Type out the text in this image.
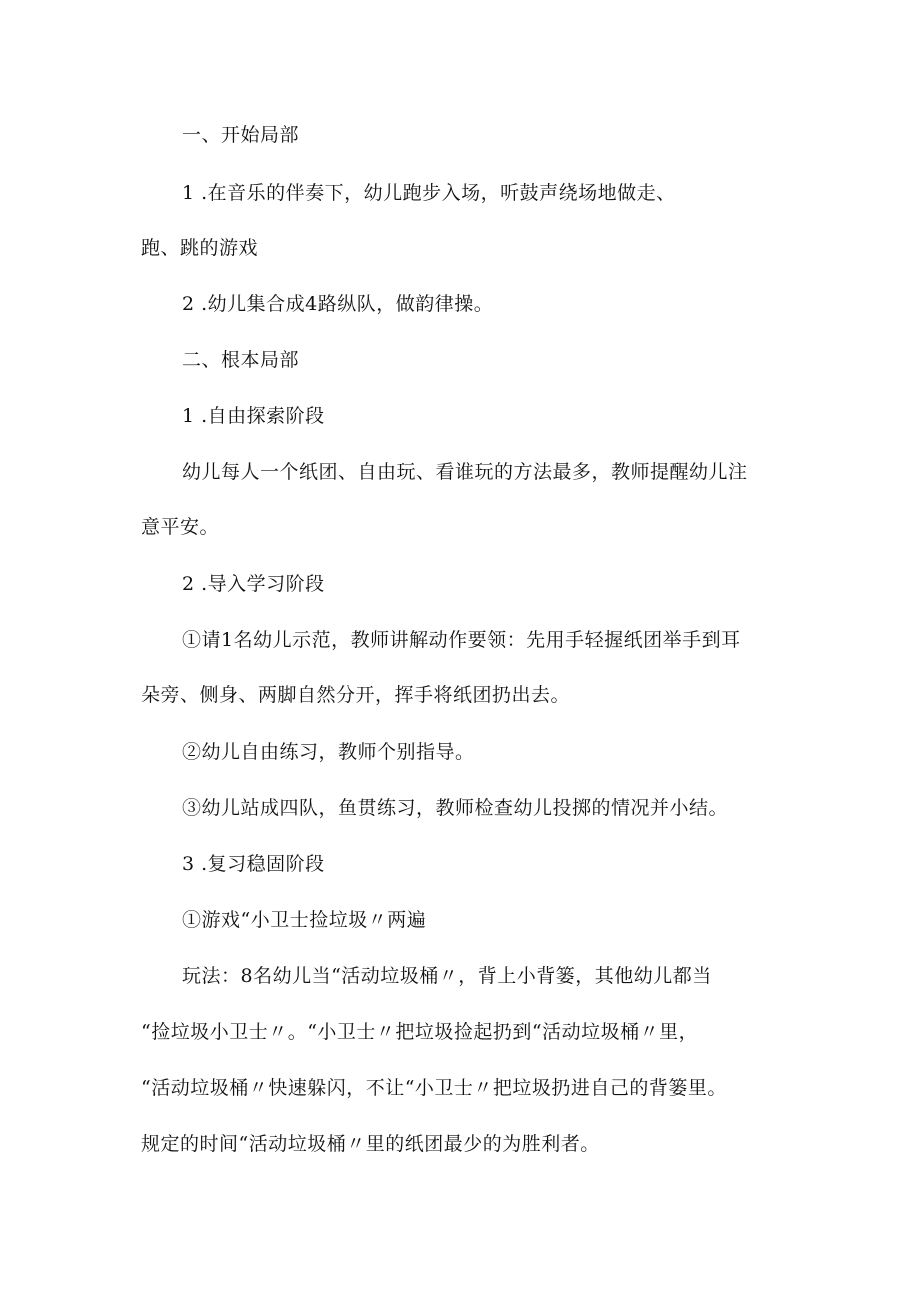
一、开始局部
1 .在音乐的伴奏下，幼儿跑步入场，听鼓声绕场地做走、
跑、跳的游戏
2 .幼儿集合成4路纵队，做韵律操。
二、根本局部
1 .自由探索阶段
幼儿每人一个纸团、自由玩、看谁玩的方法最多，教师提醒幼儿注
意平安。
2 .导入学习阶段
①请1名幼儿示范，教师讲解动作要领：先用手轻握纸团举手到耳
朵旁、侧身、两脚自然分开，挥手将纸团扔出去。
②幼儿自由练习，教师个别指导。
③幼儿站成四队，鱼贯练习，教师检查幼儿投掷的情况并小结。
3 .复习稳固阶段
①游戏“小卫士捡垃圾〃两遍
玩法：8名幼儿当“活动垃圾桶〃，背上小背篓，其他幼儿都当
“捡垃圾小卫士〃。“小卫士〃把垃圾捡起扔到“活动垃圾桶〃里，
“活动垃圾桶〃快速躲闪，不让“小卫士〃把垃圾扔进自己的背篓里。
规定的时间“活动垃圾桶〃里的纸团最少的为胜利者。
